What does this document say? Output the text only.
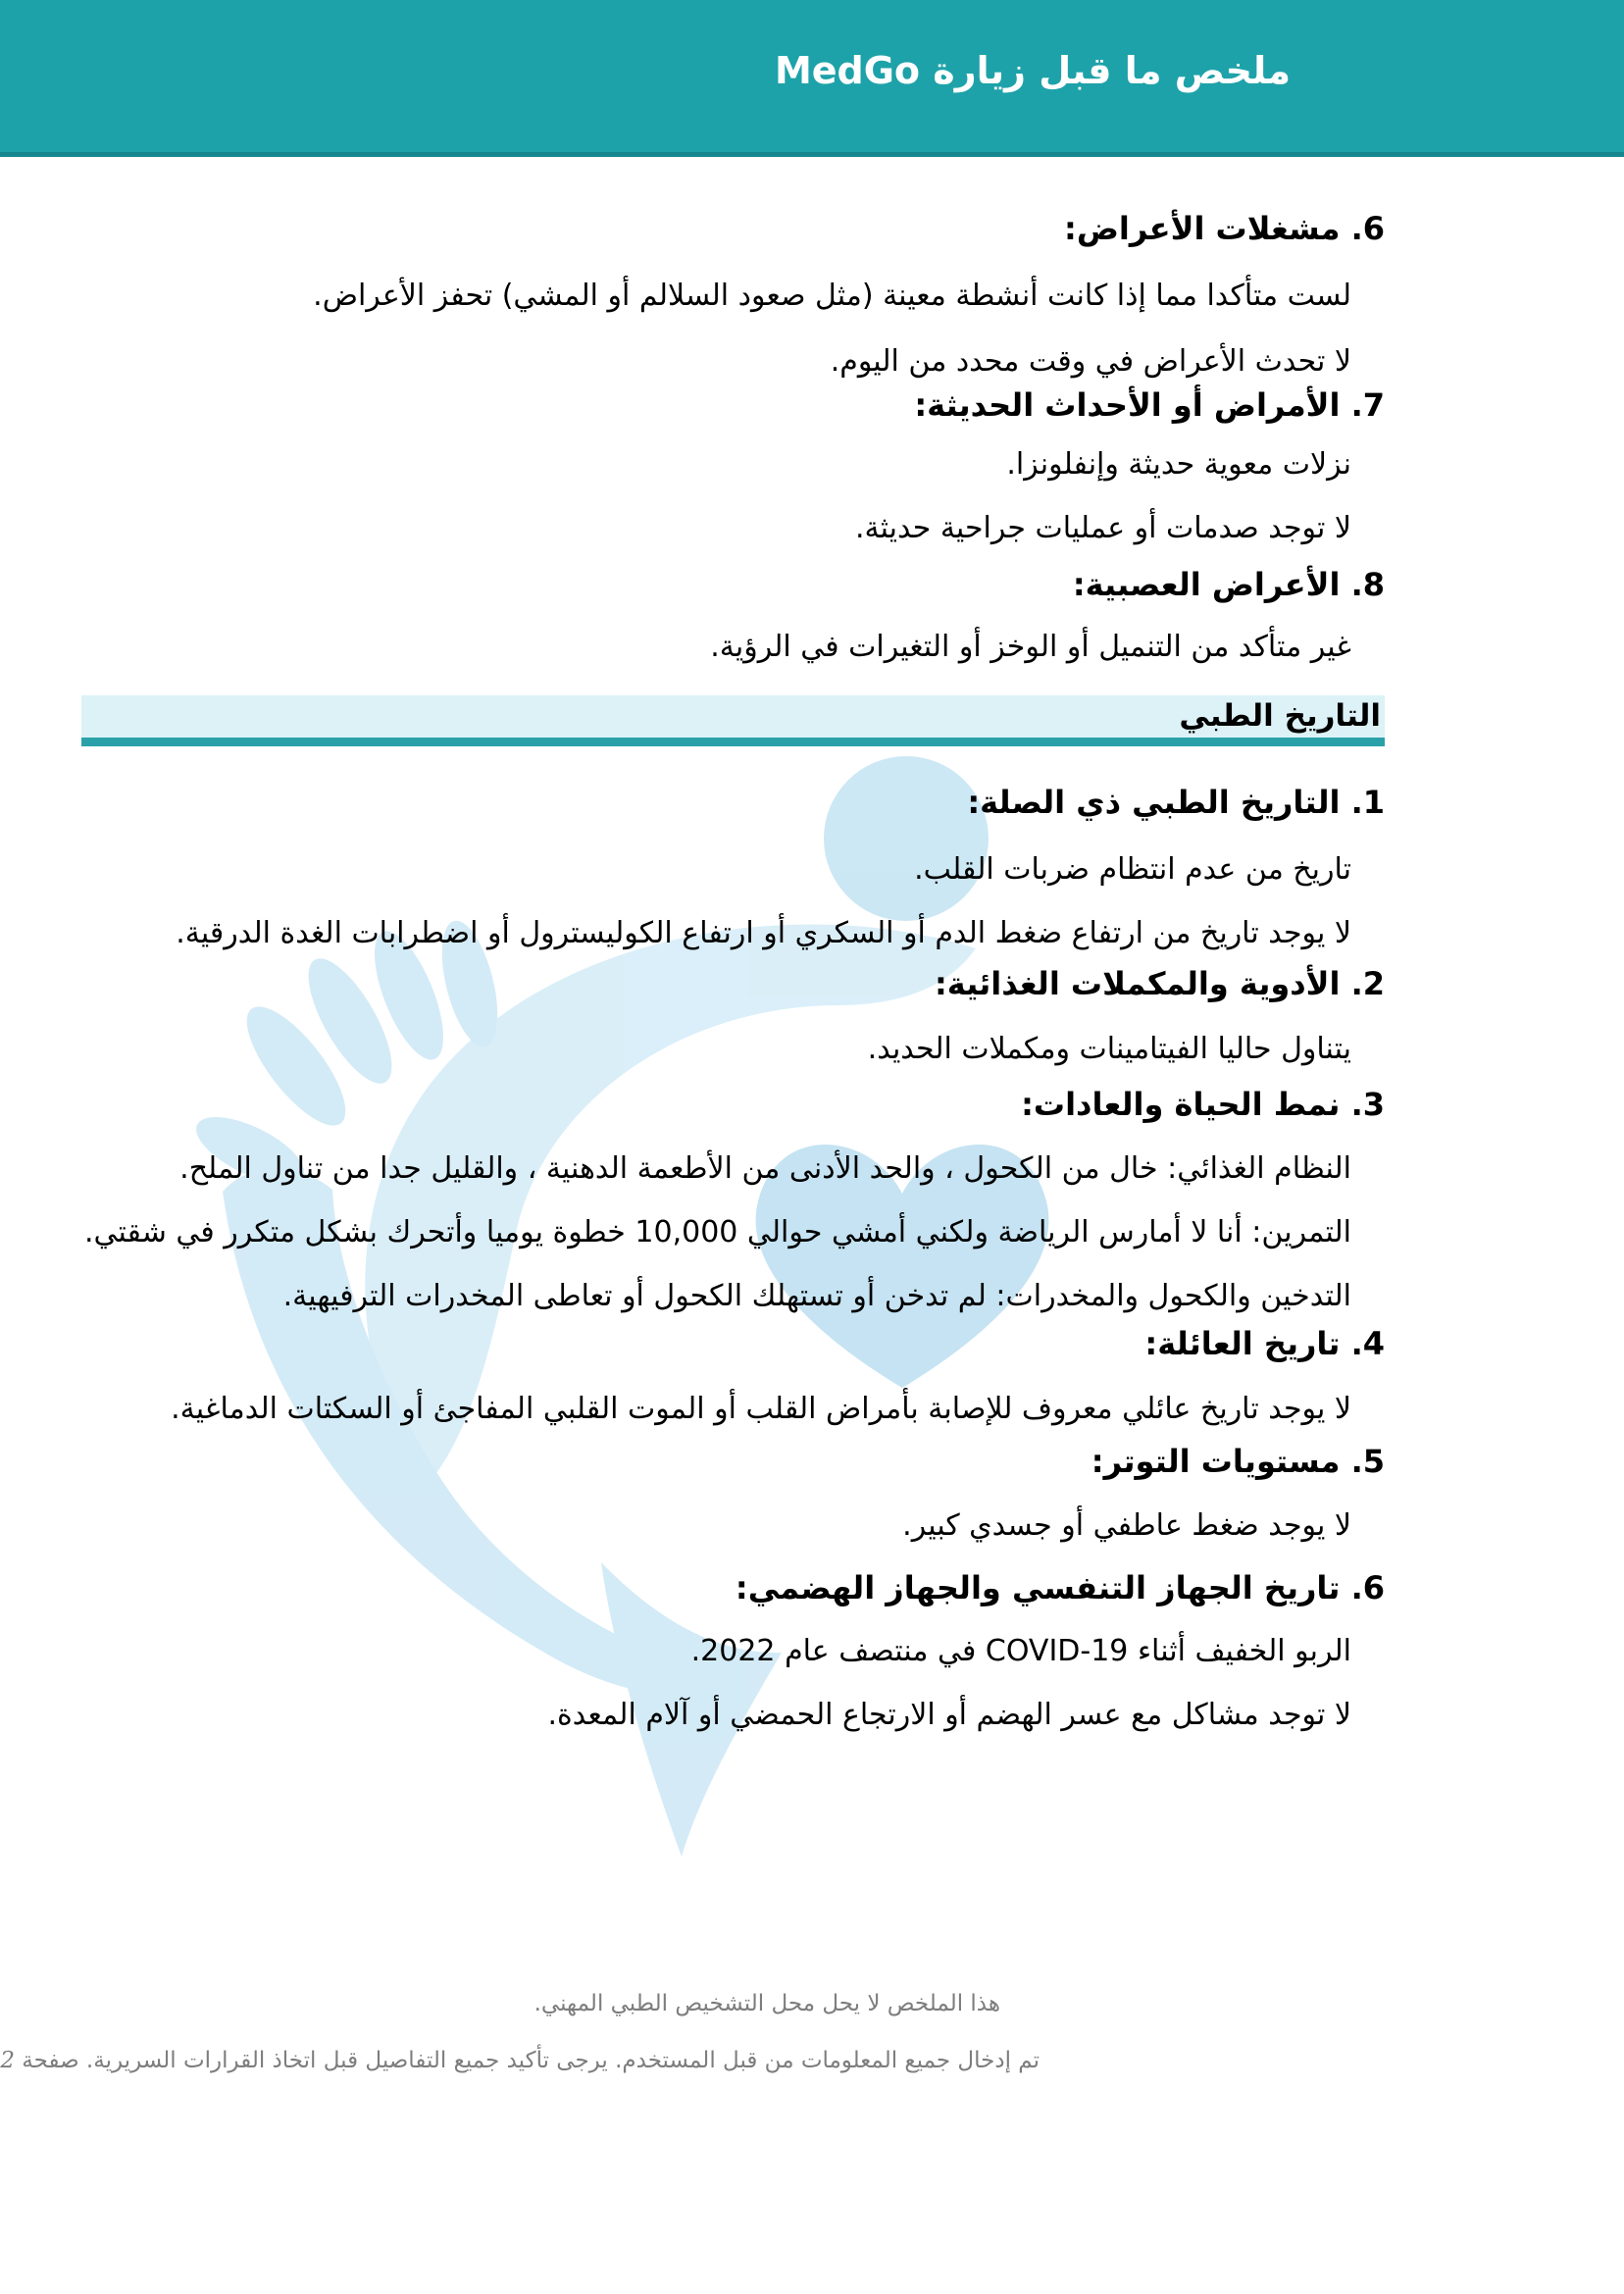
ملخص ما قبل زيارة MedGo
6. مشغلات الأعراض:
لست متأكدا مما إذا كانت أنشطة معينة (مثل صعود السلالم أو المشي) تحفز الأعراض.
لا تحدث الأعراض في وقت محدد من اليوم.
7. الأمراض أو الأحداث الحديثة:
نزلات معوية حديثة وإنفلونزا.
لا توجد صدمات أو عمليات جراحية حديثة.
8. الأعراض العصبية:
غير متأكد من التنميل أو الوخز أو التغيرات في الرؤية.
التاريخ الطبي
1. التاريخ الطبي ذي الصلة:
تاريخ من عدم انتظام ضربات القلب.
لا يوجد تاريخ من ارتفاع ضغط الدم أو السكري أو ارتفاع الكوليسترول أو اضطرابات الغدة الدرقية.
2. الأدوية والمكملات الغذائية:
يتناول حاليا الفيتامينات ومكملات الحديد.
3. نمط الحياة والعادات:
النظام الغذائي: خال من الكحول ، والحد الأدنى من الأطعمة الدهنية ، والقليل جدا من تناول الملح.
التمرين: أنا لا أمارس الرياضة ولكني أمشي حوالي 10,000 خطوة يوميا وأتحرك بشكل متكرر في شقتي.
التدخين والكحول والمخدرات: لم تدخن أو تستهلك الكحول أو تعاطى المخدرات الترفيهية.
4. تاريخ العائلة:
لا يوجد تاريخ عائلي معروف للإصابة بأمراض القلب أو الموت القلبي المفاجئ أو السكتات الدماغية.
5. مستويات التوتر:
لا يوجد ضغط عاطفي أو جسدي كبير.
6. تاريخ الجهاز التنفسي والجهاز الهضمي:
الربو الخفيف أثناء COVID-19 في منتصف عام 2022.
لا توجد مشاكل مع عسر الهضم أو الارتجاع الحمضي أو آلام المعدة.
هذا الملخص لا يحل محل التشخيص الطبي المهني.
تم إدخال جميع المعلومات من قبل المستخدم. يرجى تأكيد جميع التفاصيل قبل اتخاذ القرارات السريرية. صفحة 2
